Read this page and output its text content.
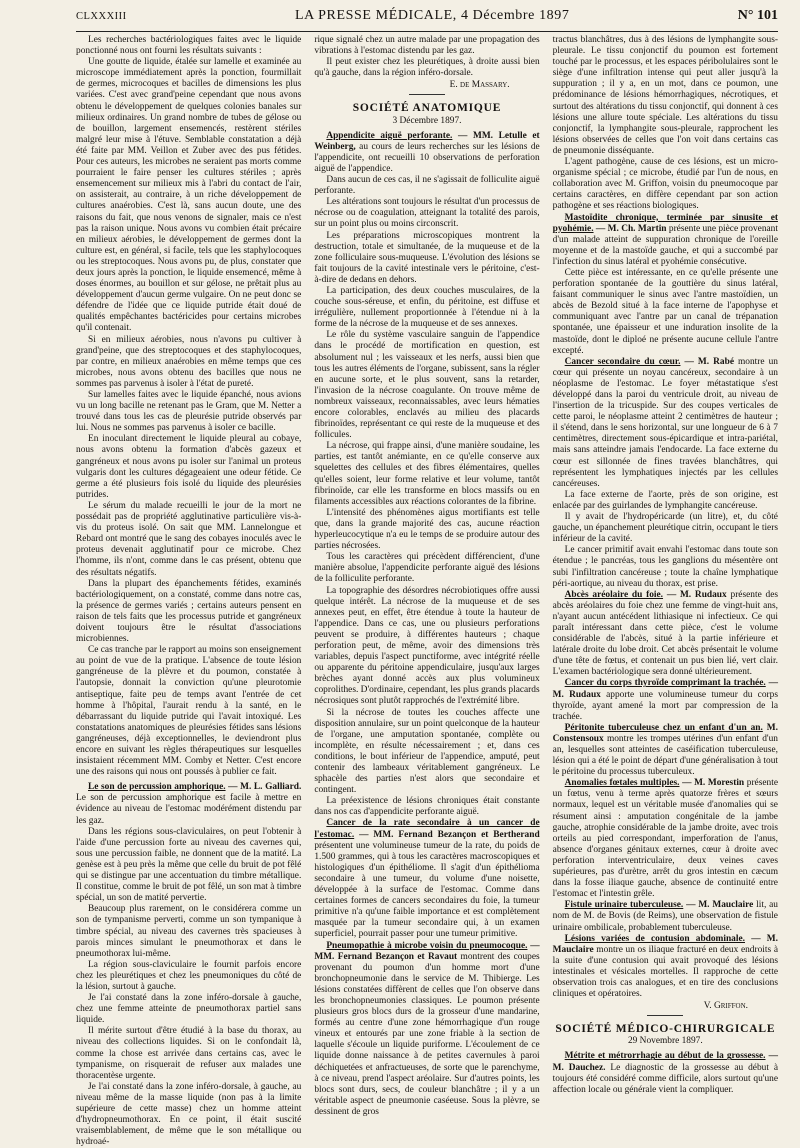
CLXXXIII	LA PRESSE MÉDICALE, 4 Décembre 1897	N° 101

Les recherches bactériologiques faites avec le liquide ponctionné nous ont fourni les résultats suivants :

Une goutte de liquide, étalée sur lamelle et examinée au microscope immédiatement après la ponction, fourmillait de germes, microcoques et bacilles de dimensions les plus variées. C'est avec grand'peine cependant que nous avons obtenu le développement de quelques colonies banales sur milieux ordinaires. Un grand nombre de tubes de gélose ou de bouillon, largement ensemencés, restèrent stériles malgré leur mise à l'étuve. Semblable constatation a déjà été faite par MM. Veillon et Zuber avec des pus fétides. Pour ces auteurs, les microbes ne seraient pas morts comme pourraient le faire penser les cultures stériles ; après ensemencement sur milieux mis à l'abri du contact de l'air, on assisterait, au contraire, à un riche développement de cultures anaérobies. C'est là, sans aucun doute, une des raisons du fait, que nous venons de signaler, mais ce n'est pas la raison unique. Nous avons vu combien était précaire en milieux aérobies, le développement de germes dont la culture est, en général, si facile, tels que les staphylocoques ou les streptocoques. Nous avons pu, de plus, constater que deux jours après la ponction, le liquide ensemencé, même à doses énormes, au bouillon et sur gélose, ne prêtait plus au développement d'aucun germe vulgaire. On ne peut donc se défendre de l'idée que ce liquide putride était doué de qualités empêchantes bactéricides pour certains microbes qu'il contenait.

Si en milieux aérobies, nous n'avons pu cultiver à grand'peine, que des streptocoques et des staphylocoques, par contre, en milieux anaérobies en même temps que ces microbes, nous avons obtenu des bacilles que nous ne sommes pas parvenus à isoler à l'état de pureté.

Sur lamelles faites avec le liquide épanché, nous avions vu un long bacille ne retenant pas le Gram, que M. Netter a trouvé dans tous les cas de pleurésie putride observés par lui. Nous ne sommes pas parvenus à isoler ce bacille.

En inoculant directement le liquide pleural au cobaye, nous avons obtenu la formation d'abcès gazeux et gangréneux et nous avons pu isoler sur l'animal un proteus vulgaris dont les cultures dégageaient une odeur fétide. Ce germe a été plusieurs fois isolé du liquide des pleurésies putrides.

Le sérum du malade recueilli le jour de la mort ne possédait pas de propriété agglutinative particulière vis-à-vis du proteus isolé. On sait que MM. Lannelongue et Rebard ont montré que le sang des cobayes inoculés avec le proteus devenait agglutinatif pour ce microbe. Chez l'homme, ils n'ont, comme dans le cas présent, obtenu que des résultats négatifs.

Dans la plupart des épanchements fétides, examinés bactériologiquement, on a constaté, comme dans notre cas, la présence de germes variés ; certains auteurs pensent en raison de tels faits que les processus putride et gangréneux doivent toujours être le résultat d'associations microbiennes.

Ce cas tranche par le rapport au moins son enseignement au point de vue de la pratique. L'absence de toute lésion gangréneuse de la plèvre et du poumon, constatée à l'autopsie, donnait la conviction qu'une pleurotomie antiseptique, faite peu de temps avant l'entrée de cet homme à l'hôpital, l'aurait rendu à la santé, en le débarrassant du liquide putride qui l'avait intoxiqué. Les constatations anatomiques de pleurésies fétides sans lésions gangréneuses, déjà exceptionnelles, le deviendront plus encore en suivant les règles thérapeutiques sur lesquelles insistaient récemment MM. Comby et Netter. C'est encore une des raisons qui nous ont poussés à publier ce fait.

Le son de percussion amphorique. — M. L. Galliard. Le son de percussion amphorique est facile à mettre en évidence au niveau de l'estomac modérément distendu par les gaz.

Dans les régions sous-claviculaires, on peut l'obtenir à l'aide d'une percussion forte au niveau des cavernes qui, sous une percussion faible, ne donnent que de la matité. La genèse est à peu près la même que celle du bruit de pot fêlé qui se distingue par une accentuation du timbre métallique. Il constitue, comme le bruit de pot fêlé, un son mat à timbre spécial, un son de matité pervertie.

Beaucoup plus rarement, on le considérera comme un son de tympanisme perverti, comme un son tympanique à timbre spécial, au niveau des cavernes très spacieuses à parois minces simulant le pneumothorax et dans le pneumothorax lui-même.

La région sous-claviculaire le fournit parfois encore chez les pleurétiques et chez les pneumoniques du côté de la lésion, surtout à gauche.

Je l'ai constaté dans la zone inféro-dorsale à gauche, chez une femme atteinte de pneumothorax partiel sans liquide.

Il mérite surtout d'être étudié à la base du thorax, au niveau des collections liquides. Si on le confondait là, comme la chose est arrivée dans certains cas, avec le tympanisme, on risquerait de refuser aux malades une thoracentèse urgente.

Je l'ai constaté dans la zone inféro-dorsale, à gauche, au niveau même de la masse liquide (non pas à la limite supérieure de cette masse) chez un homme atteint d'hydropneumothorax. En ce point, il était suscité vraisemblablement, de même que le son métallique ou hydroaé-

rique signalé chez un autre malade par une propagation des vibrations à l'estomac distendu par les gaz.

Il peut exister chez les pleurétiques, à droite aussi bien qu'à gauche, dans la région inféro-dorsale.

E. de Massary.
SOCIÉTÉ ANATOMIQUE
3 Décembre 1897.

Appendicite aiguë perforante. — MM. Letulle et Weinberg, au cours de leurs recherches sur les lésions de l'appendicite, ont recueilli 10 observations de perforation aiguë de l'appendice.

Dans aucun de ces cas, il ne s'agissait de folliculite aiguë perforante.

Les altérations sont toujours le résultat d'un processus de nécrose ou de coagulation, atteignant la totalité des parois, sur un point plus ou moins circonscrit.

Les préparations microscopiques montrent la destruction, totale et simultanée, de la muqueuse et de la zone folliculaire sous-muqueuse. L'évolution des lésions se fait toujours de la cavité intestinale vers le péritoine, c'est-à-dire de dedans en dehors.

La participation, des deux couches musculaires, de la couche sous-séreuse, et enfin, du péritoine, est diffuse et irrégulière, nullement proportionnée à l'étendue ni à la forme de la nécrose de la muqueuse et de ses annexes.

Le rôle du système vasculaire sanguin de l'appendice dans le procédé de mortification en question, est absolument nul ; les vaisseaux et les nerfs, aussi bien que tous les autres éléments de l'organe, subissent, sans la régler en aucune sorte, et le plus souvent, sans la retarder, l'invasion de la nécrose coagulante. On trouve même de nombreux vaisseaux, reconnaissables, avec leurs hématies encore colorables, enclavés au milieu des placards fibrinoïdes, représentant ce qui reste de la muqueuse et des follicules.

La nécrose, qui frappe ainsi, d'une manière soudaine, les parties, est tantôt anémiante, en ce qu'elle conserve aux squelettes des cellules et des fibres élémentaires, quelles qu'elles soient, leur forme relative et leur volume, tantôt fibrinoïde, car elle les transforme en blocs massifs ou en filaments accessibles aux réactions colorantes de la fibrine.

L'intensité des phénomènes aigus mortifiants est telle que, dans la grande majorité des cas, aucune réaction hyperleucocytique n'a eu le temps de se produire autour des parties nécrosées.

Tous les caractères qui précèdent différencient, d'une manière absolue, l'appendicite perforante aiguë des lésions de la folliculite perforante.

La topographie des désordres nécrobiotiques offre aussi quelque intérêt. La nécrose de la muqueuse et de ses annexes peut, en effet, être étendue à toute la hauteur de l'appendice. Dans ce cas, une ou plusieurs perforations peuvent se produire, à différentes hauteurs ; chaque perforation peut, de même, avoir des dimensions très variables, depuis l'aspect punctiforme, avec intégrité réelle ou apparente du péritoine appendiculaire, jusqu'aux larges brèches ayant donné accès aux plus volumineux coprolithes. D'ordinaire, cependant, les plus grands placards nécrosiques sont plutôt rapprochés de l'extrémité libre.

Si la nécrose de toutes les couches affecte une disposition annulaire, sur un point quelconque de la hauteur de l'organe, une amputation spontanée, complète ou incomplète, en résulte nécessairement ; et, dans ces conditions, le bout inférieur de l'appendice, amputé, peut contenir des lambeaux véritablement gangréneux. Le sphacèle des parties n'est alors que secondaire et contingent.

La préexistence de lésions chroniques était constante dans nos cas d'appendicite perforante aiguë.

Cancer de la rate secondaire à un cancer de l'estomac. — MM. Fernand Bezançon et Bertherand présentent une volumineuse tumeur de la rate, du poids de 1.500 grammes, qui à tous les caractères macroscopiques et histologiques d'un épithéliome. Il s'agit d'un épithélioma secondaire à une tumeur, du volume d'une noisette, développée à la surface de l'estomac. Comme dans certaines formes de cancers secondaires du foie, la tumeur primitive n'a qu'une faible importance et est complètement masquée par la tumeur secondaire qui, à un examen superficiel, pourrait passer pour une tumeur primitive.

Pneumopathie à microbe voisin du pneumocoque. — MM. Fernand Bezançon et Ravaut montrent des coupes provenant du poumon d'un homme mort d'une bronchopneumonie dans le service de M. Thibierge. Les lésions constatées diffèrent de celles que l'on observe dans les bronchopneumonies classiques. Le poumon présente plusieurs gros blocs durs de la grosseur d'une mandarine, formés au centre d'une zone hémorrhagique d'un rouge vineux et entourés par une zone friable à la section de laquelle s'écoule un liquide puriforme. L'écoulement de ce liquide donne naissance à de petites cavernules à paroi déchiquetées et anfractueuses, de sorte que le parenchyme, à ce niveau, prend l'aspect aréolaire. Sur d'autres points, les blocs sont durs, secs, de couleur blanchâtre ; il y a un véritable aspect de pneumonie caséeuse. Sous la plèvre, se dessinent de gros

tractus blanchâtres, dus à des lésions de lymphangite sous-pleurale. Le tissu conjonctif du poumon est fortement touché par le processus, et les espaces péribolulaires sont le siège d'une infiltration intense qui peut aller jusqu'à la suppuration ; il y a, en un mot, dans ce poumon, une prédominance de lésions hémorrhagiques, nécrotiques, et surtout des altérations du tissu conjonctif, qui donnent à ces lésions une allure toute spéciale. Les altérations du tissu conjonctif, la lymphangite sous-pleurale, rapprochent les lésions observées de celles que l'on voit dans certains cas de pneumonie disséquante.

L'agent pathogène, cause de ces lésions, est un micro-organisme spécial ; ce microbe, étudié par l'un de nous, en collaboration avec M. Griffon, voisin du pneumocoque par certains caractères, en diffère cependant par son action pathogène et ses réactions biologiques.

Mastoïdite chronique, terminée par sinusite et pyohémie. — M. Ch. Martin présente une pièce provenant d'un malade atteint de suppuration chronique de l'oreille moyenne et de la mastoïde gauche, et qui a succombé par l'infection du sinus latéral et pyohémie consécutive.

Cette pièce est intéressante, en ce qu'elle présente une perforation spontanée de la gouttière du sinus latéral, faisant communiquer le sinus avec l'antre mastoïdien, un abcès de Bezold situé à la face interne de l'apophyse et communiquant avec l'antre par un canal de trépanation spontanée, une épaisseur et une induration insolite de la mastoïde, dont le diploé ne présente aucune cellule l'antre excepté.

Cancer secondaire du cœur. — M. Rabé montre un cœur qui présente un noyau cancéreux, secondaire à un néoplasme de l'estomac. Le foyer métastatique s'est développé dans la paroi du ventricule droit, au niveau de l'insertion de la tricuspide. Sur des coupes verticales de cette paroi, le néoplasme atteint 2 centimètres de hauteur ; il s'étend, dans le sens horizontal, sur une longueur de 6 à 7 centimètres, directement sous-épicardique et intra-pariétal, mais sans atteindre jamais l'endocarde. La face externe du cœur est sillonnée de fines travées blanchâtres, qui représentent les lymphatiques injectés par les cellules cancéreuses.

La face externe de l'aorte, près de son origine, est enlacée par des guirlandes de lymphangite cancéreuse.

Il y avait de l'hydropéricarde (un litre), et, du côté gauche, un épanchement pleurétique citrin, occupant le tiers inférieur de la cavité.

Le cancer primitif avait envahi l'estomac dans toute son étendue ; le pancréas, tous les ganglions du mésentère ont subi l'infiltration cancéreuse ; toute la chaîne lymphatique péri-aortique, au niveau du thorax, est prise.

Abcès aréolaire du foie. — M. Rudaux présente des abcès aréolaires du foie chez une femme de vingt-huit ans, n'ayant aucun antécédent lithiasique ni infectieux. Ce qui paraît intéressant dans cette pièce, c'est le volume considérable de l'abcès, situé à la partie inférieure et latérale droite du lobe droit. Cet abcès présentait le volume d'une tête de fœtus, et contenait un pus bien lié, vert clair. L'examen bactériologique sera donné ultérieurement.

Cancer du corps thyroïde comprimant la trachée. — M. Rudaux apporte une volumineuse tumeur du corps thyroïde, ayant amené la mort par compression de la trachée.

Péritonite tuberculeuse chez un enfant d'un an. M. Constensoux montre les trompes utérines d'un enfant d'un an, lesquelles sont atteintes de caséification tuberculeuse, lésion qui a été le point de départ d'une généralisation à tout le péritoine du processus tuberculeux.

Anomalies fœtales multiples. — M. Morestin présente un fœtus, venu à terme après quatorze frères et sœurs normaux, lequel est un véritable musée d'anomalies qui se résument ainsi : amputation congénitale de la jambe gauche, atrophie considérable de la jambe droite, avec trois orteils au pied correspondant, imperforation de l'anus, absence d'organes génitaux externes, cœur à droite avec perforation interventriculaire, deux veines caves supérieures, pas d'urètre, arrêt du gros intestin en cæcum dans la fosse iliaque gauche, absence de continuité entre l'estomac et l'intestin grêle.

Fistule urinaire tuberculeuse. — M. Mauclaire lit, au nom de M. de Bovis (de Reims), une observation de fistule urinaire ombilicale, probablement tuberculeuse.

Lésions variées de contusion abdominale. — M. Mauclaire montre un os iliaque fracturé en deux endroits à la suite d'une contusion qui avait provoqué des lésions intestinales et vésicales mortelles. Il rapproche de cette observation trois cas analogues, et en tire des conclusions cliniques et opératoires.

V. Griffon.
SOCIÉTÉ MÉDICO-CHIRURGICALE
29 Novembre 1897.

Métrite et métrorrhagie au début de la grossesse. — M. Dauchez. Le diagnostic de la grossesse au début à toujours été considéré comme difficile, alors surtout qu'une affection locale ou générale vient la compliquer.
